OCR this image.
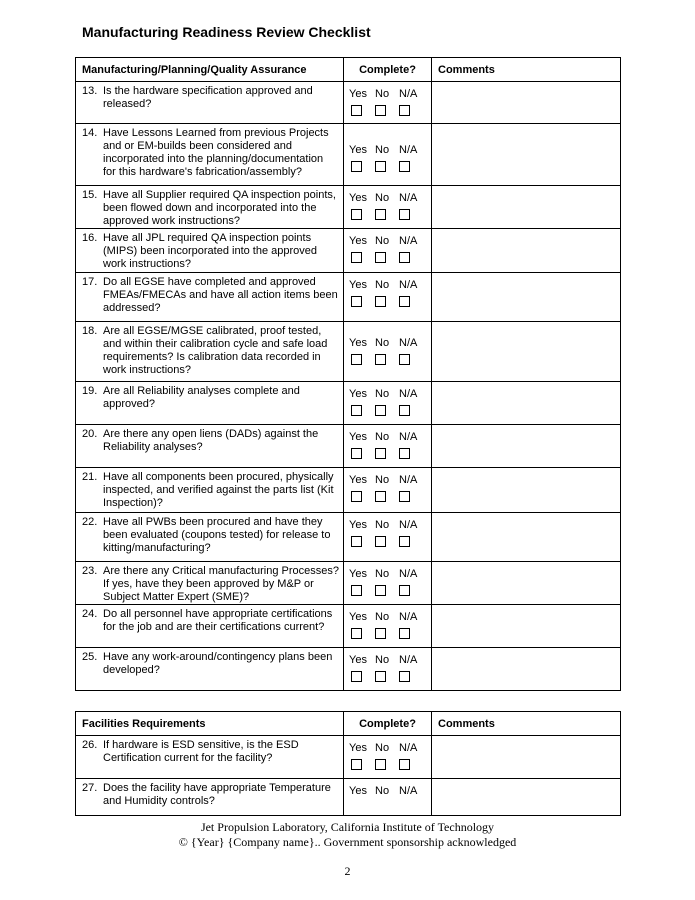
Manufacturing Readiness Review Checklist
Manufacturing/Planning/Quality Assurance	Complete?	Comments

13. Is the hardware specification approved and released?	Yes No N/A	

14. Have Lessons Learned from previous Projects and or EM-builds been considered and incorporated into the planning/documentation for this hardware's fabrication/assembly?	Yes No N/A	

15. Have all Supplier required QA inspection points, been flowed down and incorporated into the approved work instructions?	Yes No N/A	

16. Have all JPL required QA inspection points (MIPS) been incorporated into the approved work instructions?	Yes No N/A	

17. Do all EGSE have completed and approved FMEAs/FMECAs and have all action items been addressed?	Yes No N/A	

18. Are all EGSE/MGSE calibrated, proof tested, and within their calibration cycle and safe load requirements? Is calibration data recorded in work instructions?	Yes No N/A	

19. Are all Reliability analyses complete and approved?	Yes No N/A	

20. Are there any open liens (DADs) against the Reliability analyses?	Yes No N/A	

21. Have all components been procured, physically inspected, and verified against the parts list (Kit Inspection)?	Yes No N/A	

22. Have all PWBs been procured and have they been evaluated (coupons tested) for release to kitting/manufacturing?	Yes No N/A	

23. Are there any Critical manufacturing Processes? If yes, have they been approved by M&P or Subject Matter Expert (SME)?	Yes No N/A	

24. Do all personnel have appropriate certifications for the job and are their certifications current?	Yes No N/A	

25. Have any work-around/contingency plans been developed?	Yes No N/A	

Facilities Requirements	Complete?	Comments

26. If hardware is ESD sensitive, is the ESD Certification current for the facility?	Yes No N/A	

27. Does the facility have appropriate Temperature and Humidity controls?	Yes No N/A	

Jet Propulsion Laboratory, California Institute of Technology
© {Year} {Company name}.. Government sponsorship acknowledged
2
